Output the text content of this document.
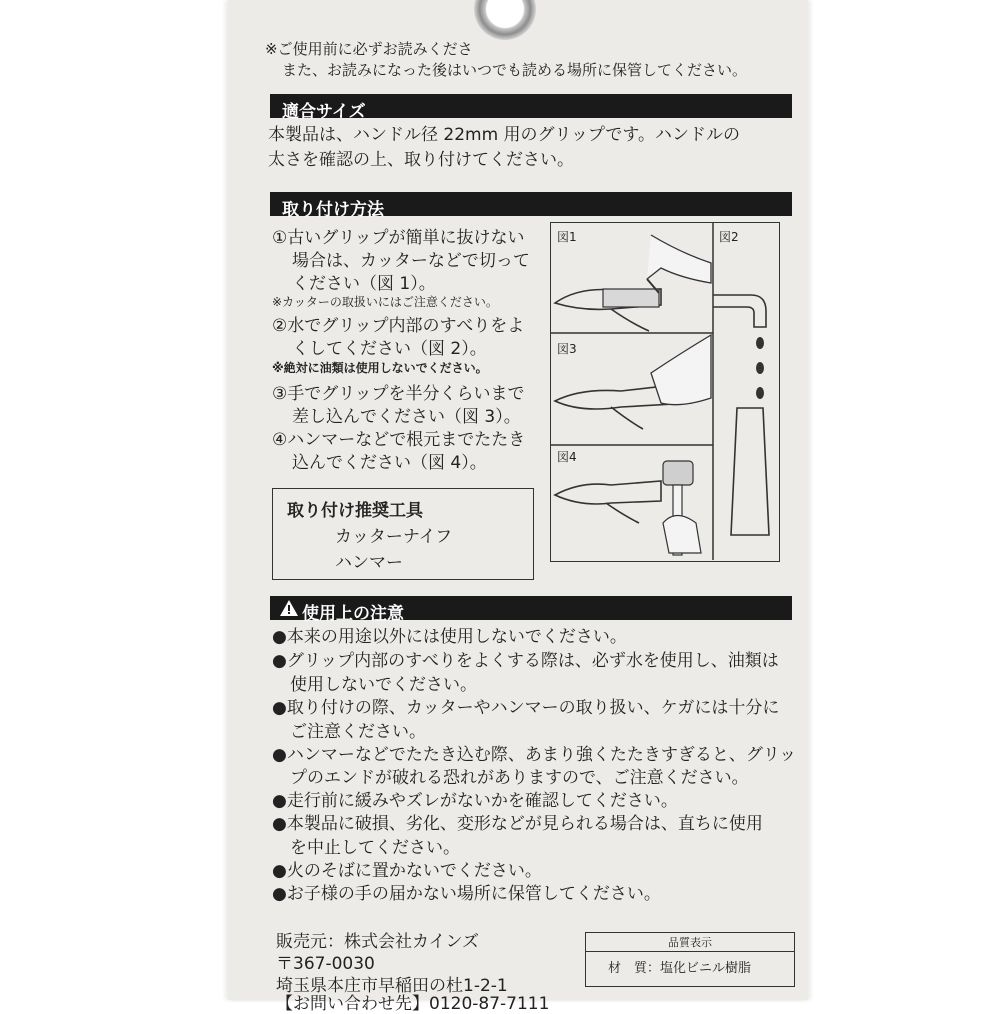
※ご使用前に必ずお読みくださ
また、お読みになった後はいつでも読める場所に保管してください。
適合サイズ
本製品は、ハンドル径 22mm 用のグリップです。ハンドルの
太さを確認の上、取り付けてください。
取り付け方法
①古いグリップが簡単に抜けない
場合は、カッターなどで切って
ください（図 1）。
※カッターの取扱いにはご注意ください。
②水でグリップ内部のすべりをよ
くしてください（図 2）。
※絶対に油類は使用しないでください。
③手でグリップを半分くらいまで
差し込んでください（図 3）。
④ハンマーなどで根元までたたき
込んでください（図 4）。
図1	図2
図3
図4
取り付け推奨工具
カッターナイフ
ハンマー
使用上の注意
●本来の用途以外には使用しないでください。
●グリップ内部のすべりをよくする際は、必ず水を使用し、油類は
使用しないでください。
●取り付けの際、カッターやハンマーの取り扱い、ケガには十分に
ご注意ください。
●ハンマーなどでたたき込む際、あまり強くたたきすぎると、グリッ
プのエンドが破れる恐れがありますので、ご注意ください。
●走行前に緩みやズレがないかを確認してください。
●本製品に破損、劣化、変形などが見られる場合は、直ちに使用
を中止してください。
●火のそばに置かないでください。
●お子様の手の届かない場所に保管してください。
販売元：株式会社カインズ
〒367-0030
埼玉県本庄市早稲田の杜1-2-1
【お問い合わせ先】0120-87-7111
品質表示
材　質：塩化ビニル樹脂
